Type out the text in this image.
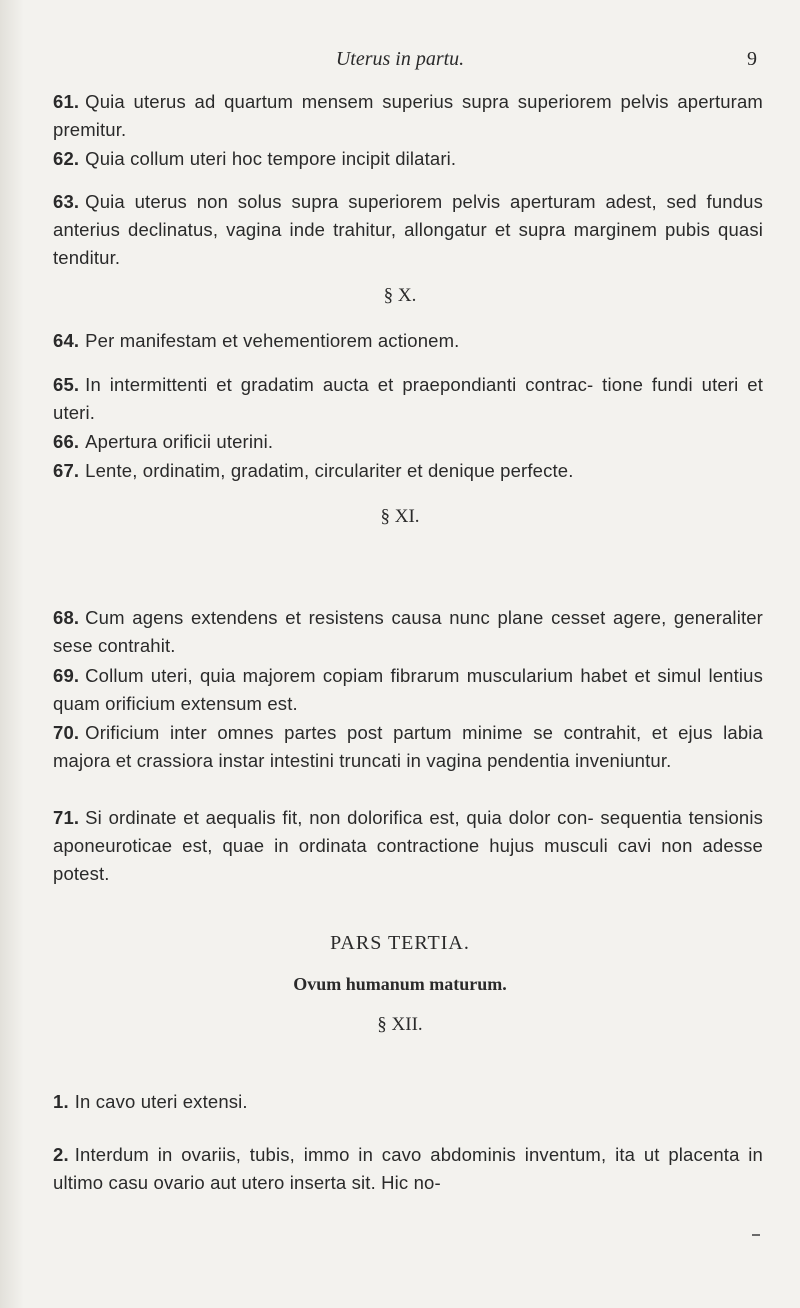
Uterus in partu.	9

61. Quia uterus ad quartum mensem superius supra superiorem pelvis aperturam premitur.

62. Quia collum uteri hoc tempore incipit dilatari.

63. Quia uterus non solus supra superiorem pelvis aperturam adest, sed fundus anterius declinatus, vagina inde trahitur, allongatur et supra marginem pubis quasi tenditur.

§ X.

64. Per manifestam et vehementiorem actionem.

65. In intermittenti et gradatim aucta et praepondianti contrac- tione fundi uteri et uteri.

66. Apertura orificii uterini.

67. Lente, ordinatim, gradatim, circulariter et denique perfecte.

§ XI.

68. Cum agens extendens et resistens causa nunc plane cesset agere, generaliter sese contrahit.

69. Collum uteri, quia majorem copiam fibrarum muscularium habet et simul lentius quam orificium extensum est.

70. Orificium inter omnes partes post partum minime se contrahit, et ejus labia majora et crassiora instar intestini truncati in vagina pendentia inveniuntur.

71. Si ordinate et aequalis fit, non dolorifica est, quia dolor con- sequentia tensionis aponeuroticae est, quae in ordinata contractione hujus musculi cavi non adesse potest.

PARS TERTIA.
Ovum humanum maturum.
§ XII.

1. In cavo uteri extensi.

2. Interdum in ovariis, tubis, immo in cavo abdominis inventum, ita ut placenta in ultimo casu ovario aut utero inserta sit. Hic no-
